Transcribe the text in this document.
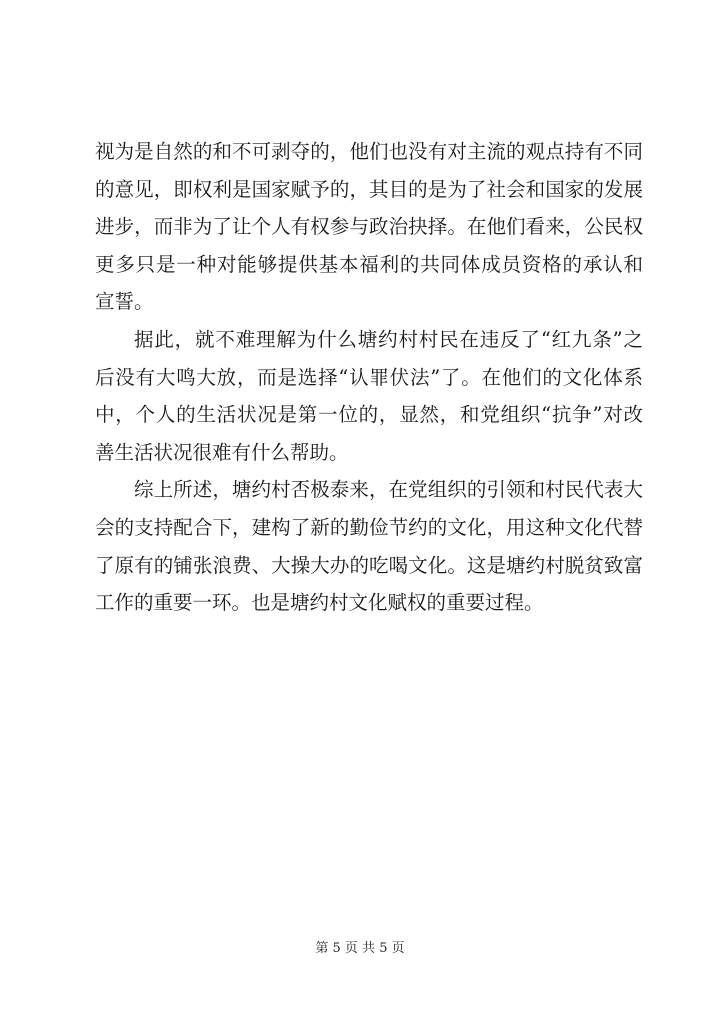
视为是自然的和不可剥夺的，他们也没有对主流的观点持有不同
的意见，即权利是国家赋予的，其目的是为了社会和国家的发展
进步，而非为了让个人有权参与政治抉择。在他们看来，公民权
更多只是一种对能够提供基本福利的共同体成员资格的承认和
宣誓。
据此，就不难理解为什么塘约村村民在违反了“红九条”之
后没有大鸣大放，而是选择“认罪伏法”了。在他们的文化体系
中，个人的生活状况是第一位的，显然，和党组织“抗争”对改
善生活状况很难有什么帮助。
综上所述，塘约村否极泰来，在党组织的引领和村民代表大
会的支持配合下，建构了新的勤俭节约的文化，用这种文化代替
了原有的铺张浪费、大操大办的吃喝文化。这是塘约村脱贫致富
工作的重要一环。也是塘约村文化赋权的重要过程。
第 5 页 共 5 页
